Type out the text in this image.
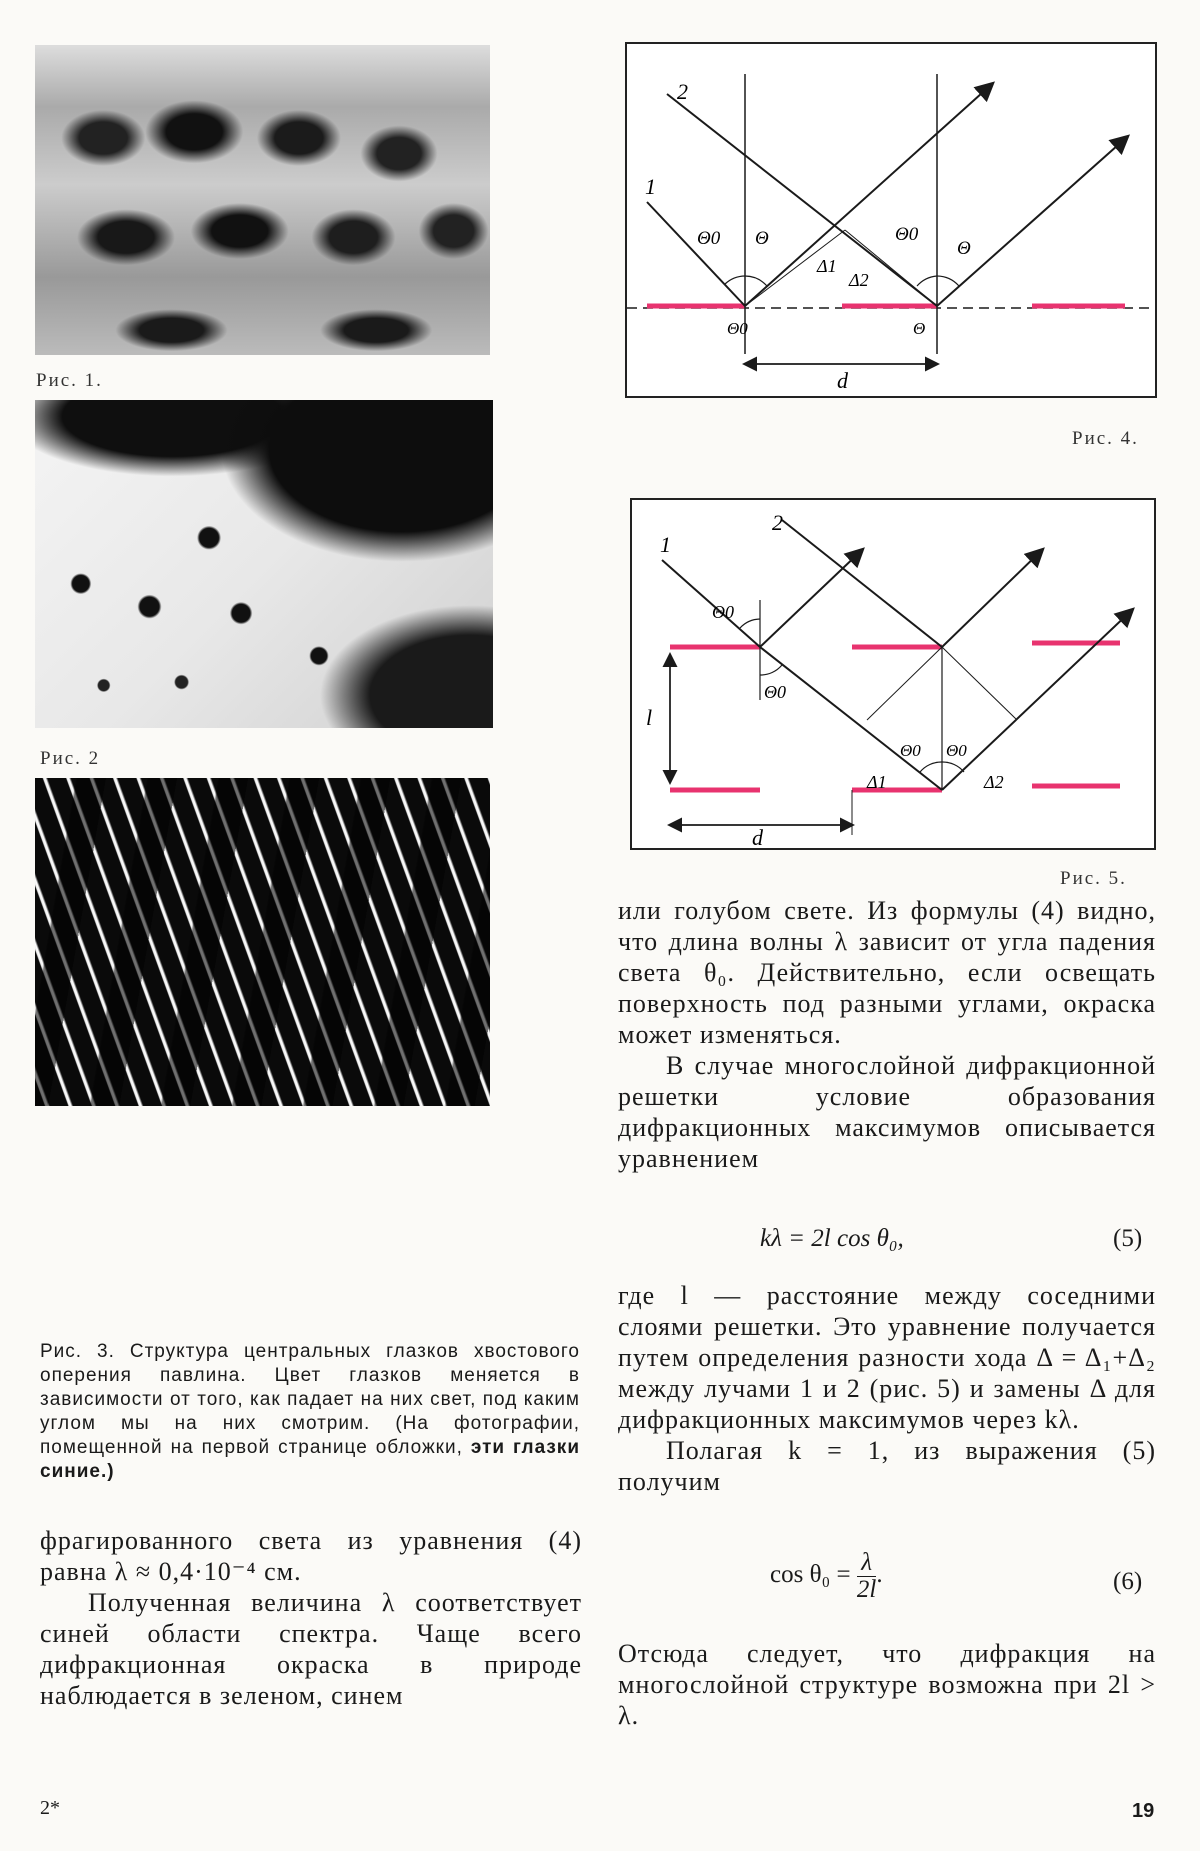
Рис. 1.
Рис. 2
Рис. 3. Структура центральных глазков хвостового оперения павлина. Цвет глазков меняется в зависимости от того, как падает на них свет, под каким углом мы на них смотрим. (На фотографии, помещенной на первой странице обложки, эти глазки синие.)

фрагированного света из уравнения (4) равна λ ≈ 0,4·10⁻⁴ см.

Полученная величина λ соответствует синей области спектра. Чаще всего дифракционная окраска в природе наблюдается в зеленом, синем

2*
2
1
Θ0 Θ	Θ0
Θ
Δ1
Δ2
Θ0	Θ
d
Рис. 4.
1
2
Θ0
Θ0
Θ0 Θ0
l
d
Δ1	Δ2
Рис. 5.

или голубом свете. Из формулы (4) видно, что длина волны λ зависит от угла падения света θ₀. Действительно, если освещать поверхность под разными углами, окраска может изменяться.

В случае многослойной дифракционной решетки условие образования дифракционных максимумов описывается уравнением

kλ = 2l cos θ₀,	(5)

где l — расстояние между соседними слоями решетки. Это уравнение получается путем определения разности хода Δ = Δ₁+Δ₂ между лучами 1 и 2 (рис. 5) и замены Δ для дифракционных максимумов через kλ.

Полагая k = 1, из выражения (5) получим

$\cos \theta_0 = \frac{\lambda}{2l}$ .	(6)

Отсюда следует, что дифракция на многослойной структуре возможна при 2l > λ.

19
